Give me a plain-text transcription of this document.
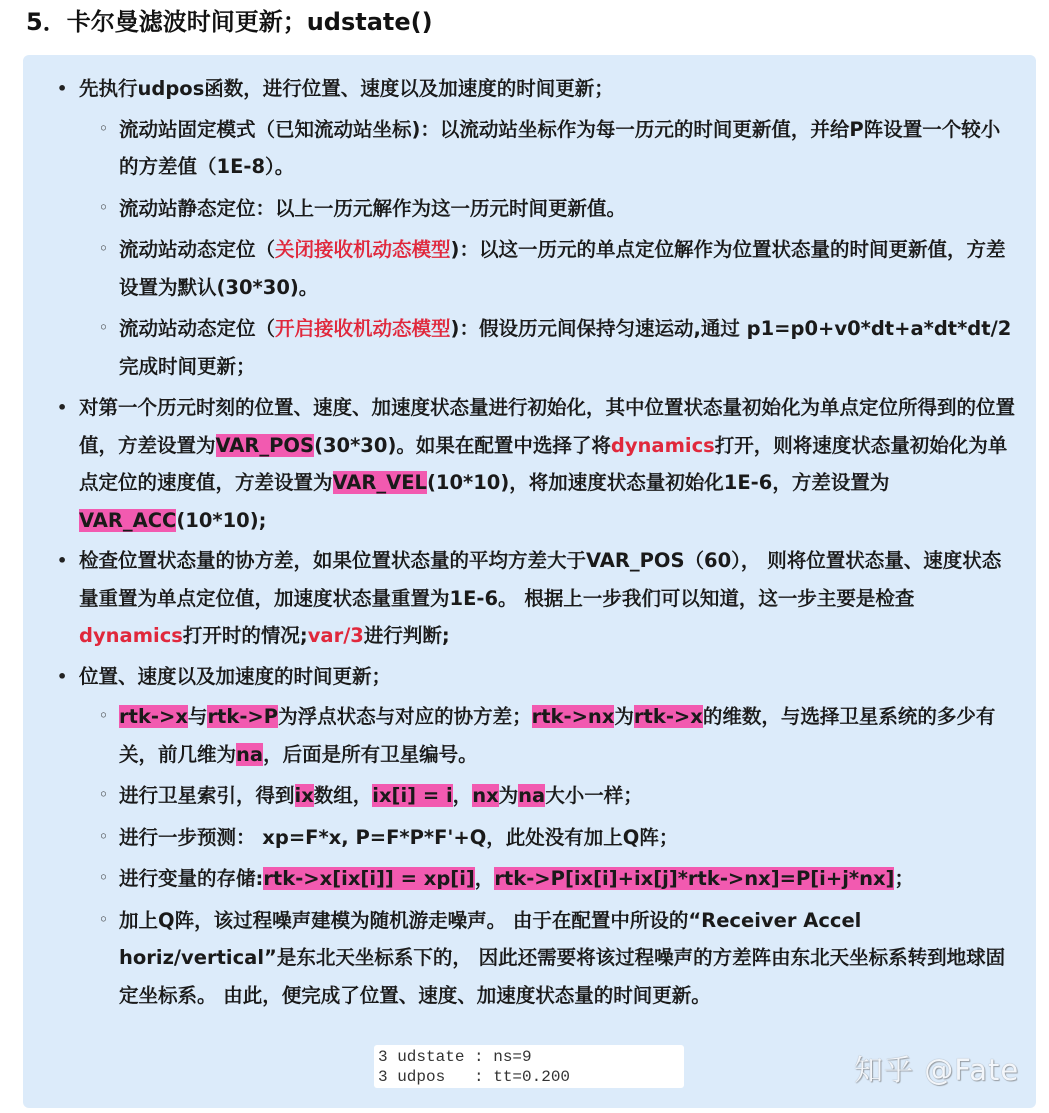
5．卡尔曼滤波时间更新；udstate()
• 先执行udpos函数，进行位置、速度以及加速度的时间更新；
◦ 流动站固定模式（已知流动站坐标)：以流动站坐标作为每一历元的时间更新值，并给P阵设置一个较小的方差值（1E-8）。
◦ 流动站静态定位：以上一历元解作为这一历元时间更新值。
◦ 流动站动态定位（关闭接收机动态模型)：以这一历元的单点定位解作为位置状态量的时间更新值，方差设置为默认(30*30)。
◦ 流动站动态定位（开启接收机动态模型)：假设历元间保持匀速运动,通过 p1=p0+v0*dt+a*dt*dt/2完成时间更新；
• 对第一个历元时刻的位置、速度、加速度状态量进行初始化，其中位置状态量初始化为单点定位所得到的位置值，方差设置为VAR_POS(30*30)。如果在配置中选择了将dynamics打开，则将速度状态量初始化为单点定位的速度值，方差设置为VAR_VEL(10*10)，将加速度状态量初始化1E-6，方差设置为VAR_ACC(10*10);
• 检查位置状态量的协方差，如果位置状态量的平均方差大于VAR_POS（60）， 则将位置状态量、速度状态量重置为单点定位值，加速度状态量重置为1E-6。 根据上一步我们可以知道，这一步主要是检查dynamics打开时的情况;var/3进行判断;
• 位置、速度以及加速度的时间更新；
◦ rtk->x与rtk->P为浮点状态与对应的协方差；rtk->nx为rtk->x的维数，与选择卫星系统的多少有关，前几维为na，后面是所有卫星编号。
◦ 进行卫星索引，得到ix数组，ix[i] = i，nx为na大小一样；
◦ 进行一步预测： xp=F*x, P=F*P*F'+Q，此处没有加上Q阵；
◦ 进行变量的存储:rtk->x[ix[i]] = xp[i]，rtk->P[ix[i]+ix[j]*rtk->nx]=P[i+j*nx]；
◦ 加上Q阵，该过程噪声建模为随机游走噪声。 由于在配置中所设的“Receiver Accel horiz/vertical”是东北天坐标系下的， 因此还需要将该过程噪声的方差阵由东北天坐标系转到地球固定坐标系。 由此，便完成了位置、速度、加速度状态量的时间更新。
3 udstate : ns=9
3 udpos   : tt=0.200	知乎 @Fate
